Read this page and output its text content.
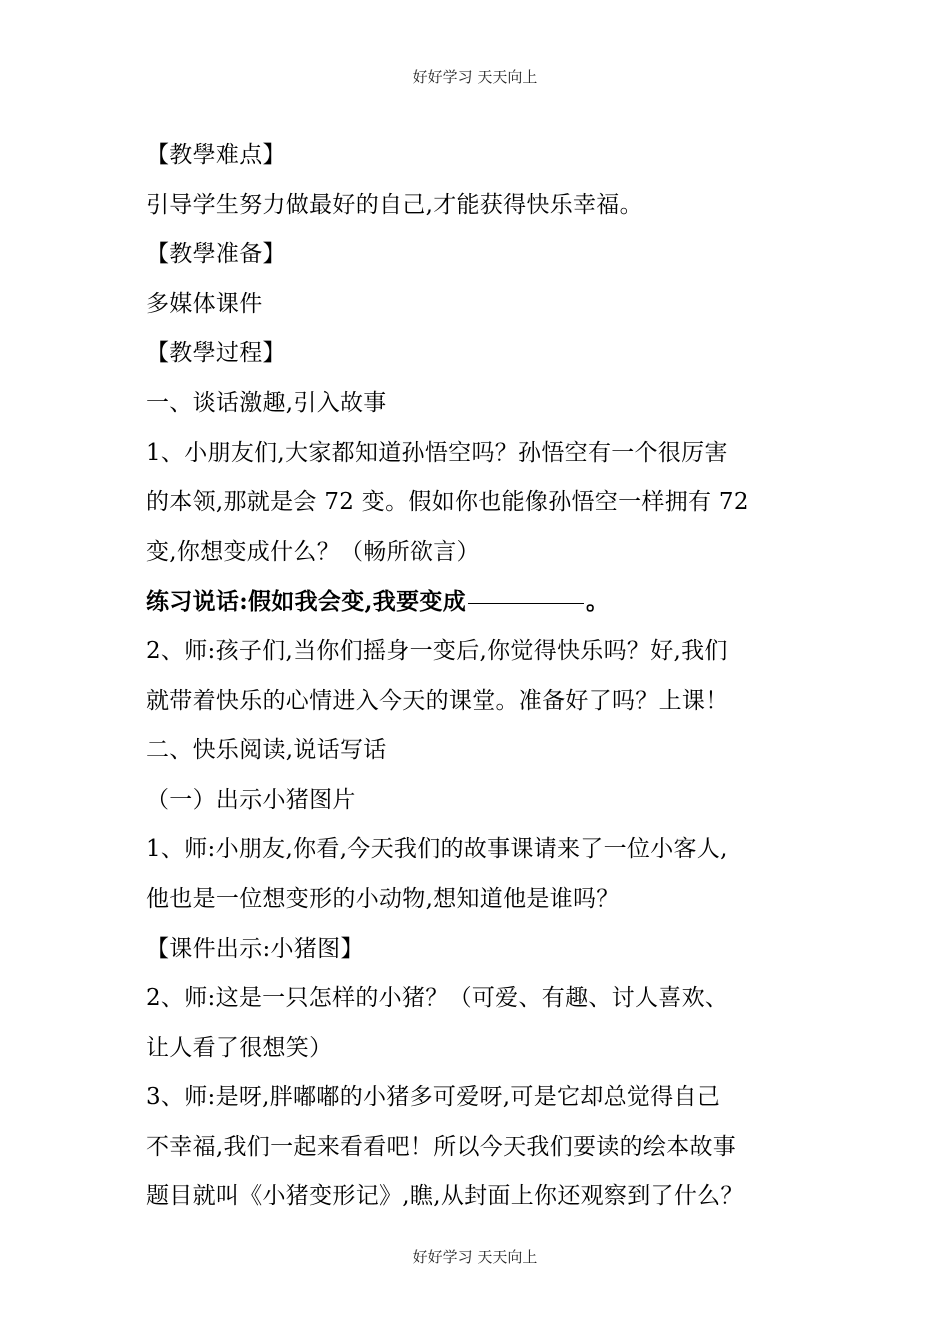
好好学习 天天向上
【教學难点】
引导学生努力做最好的自己,才能获得快乐幸福。
【教學准备】
多媒体课件
【教學过程】
一、谈话激趣,引入故事
1、小朋友们,大家都知道孙悟空吗？孙悟空有一个很厉害
的本领,那就是会 72 变。假如你也能像孙悟空一样拥有 72
变,你想变成什么？（畅所欲言）
练习说话:假如我会变,我要变成	。
2、师:孩子们,当你们摇身一变后,你觉得快乐吗？好,我们
就带着快乐的心情进入今天的课堂。准备好了吗？上课！
二、快乐阅读,说话写话
（一）出示小猪图片
1、师:小朋友,你看,今天我们的故事课请来了一位小客人,
他也是一位想变形的小动物,想知道他是谁吗？
【课件出示:小猪图】
2、师:这是一只怎样的小猪？（可爱、有趣、讨人喜欢、
让人看了很想笑）
3、师:是呀,胖嘟嘟的小猪多可爱呀,可是它却总觉得自己
不幸福,我们一起来看看吧！所以今天我们要读的绘本故事
题目就叫《小猪变形记》,瞧,从封面上你还观察到了什么？
好好学习 天天向上
